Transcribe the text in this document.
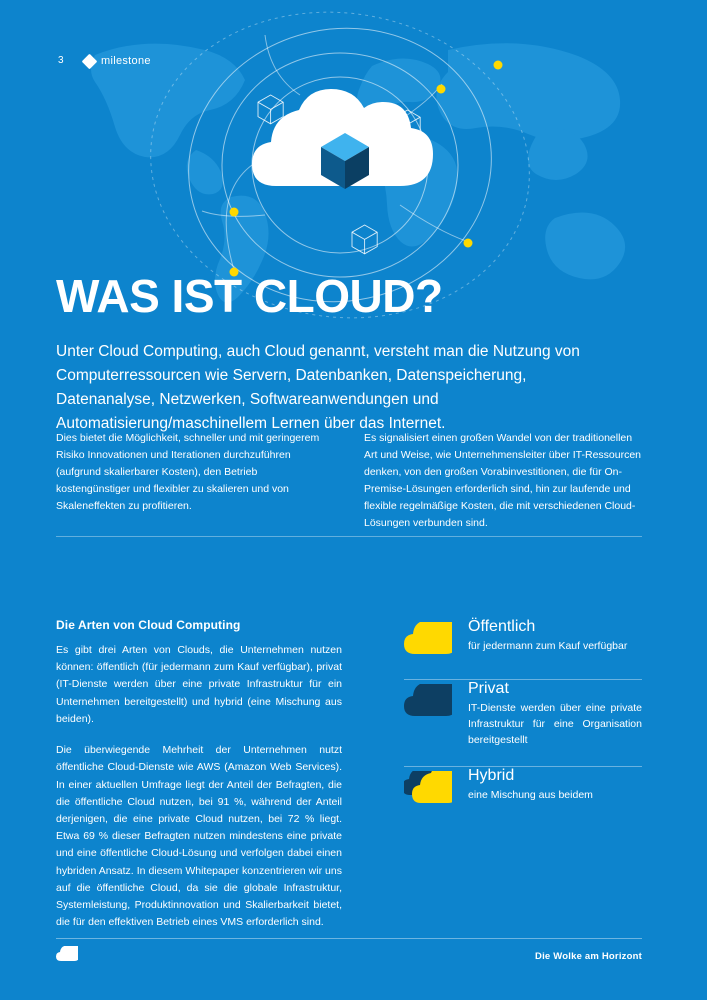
3	milestone
WAS IST CLOUD?
Unter Cloud Computing, auch Cloud genannt, versteht man die Nutzung von Computerressourcen wie Servern, Datenbanken, Datenspeicherung, Datenanalyse, Netzwerken, Softwareanwendungen und Automatisierung/maschinellem Lernen über das Internet.
Dies bietet die Möglichkeit, schneller und mit geringerem Risiko Innovationen und Iterationen durchzuführen (aufgrund skalierbarer Kosten), den Betrieb kostengünstiger und flexibler zu skalieren und von Skaleneffekten zu profitieren.
Es signalisiert einen großen Wandel von der traditionellen Art und Weise, wie Unternehmensleiter über IT-Ressourcen denken, von den großen Vorabinvestitionen, die für On-Premise-Lösungen erforderlich sind, hin zur laufende und flexible regelmäßige Kosten, die mit verschiedenen Cloud-Lösungen verbunden sind.
Die Arten von Cloud Computing

Es gibt drei Arten von Clouds, die Unternehmen nutzen können: öffentlich (für jedermann zum Kauf verfügbar), privat (IT-Dienste werden über eine private Infrastruktur für ein Unternehmen bereitgestellt) und hybrid (eine Mischung aus beiden).

Die überwiegende Mehrheit der Unternehmen nutzt öffentliche Cloud-Dienste wie AWS (Amazon Web Services). In einer aktuellen Umfrage liegt der Anteil der Befragten, die die öffentliche Cloud nutzen, bei 91 %, während der Anteil derjenigen, die eine private Cloud nutzen, bei 72 % liegt. Etwa 69 % dieser Befragten nutzen mindestens eine private und eine öffentliche Cloud-Lösung und verfolgen dabei einen hybriden Ansatz. In diesem Whitepaper konzentrieren wir uns auf die öffentliche Cloud, da sie die globale Infrastruktur, Systemleistung, Produktinnovation und Skalierbarkeit bietet, die für den effektiven Betrieb eines VMS erforderlich sind.

Öffentlich

für jedermann zum Kauf verfügbar

Privat

IT-Dienste werden über eine private Infrastruktur für eine Organisation bereitgestellt

Hybrid

eine Mischung aus beidem

Die Wolke am Horizont
